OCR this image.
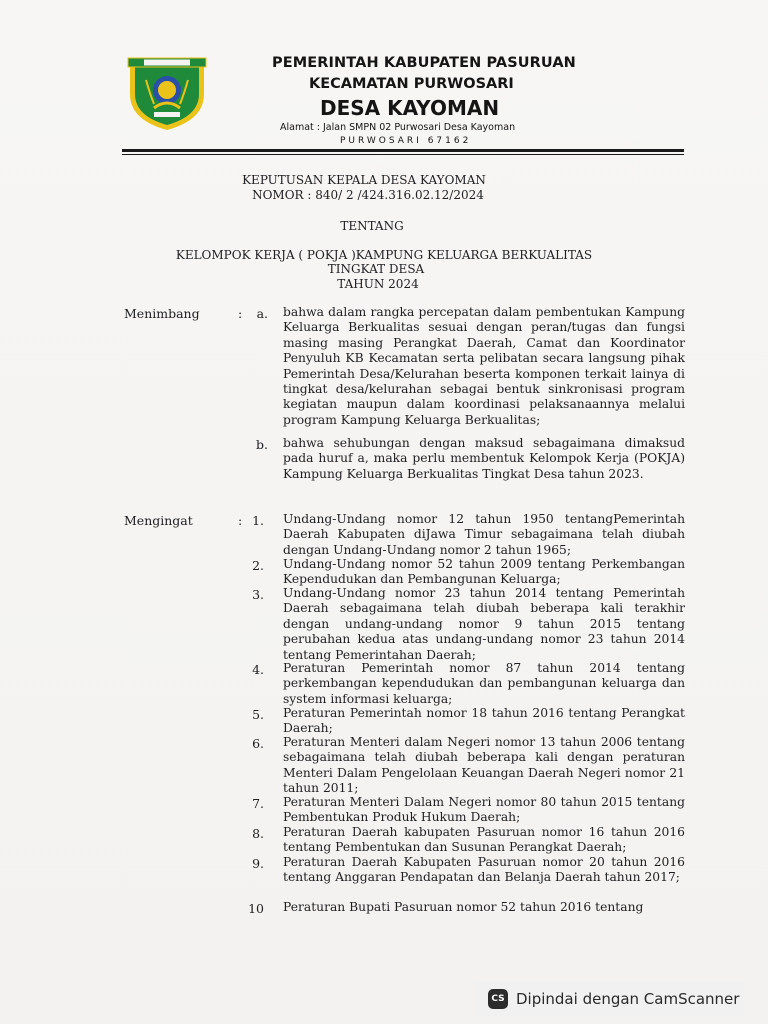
PEMERINTAH KABUPATEN PASURUAN
KECAMATAN PURWOSARI
DESA KAYOMAN
Alamat : Jalan SMPN 02 Purwosari Desa Kayoman
PURWOSARI 67162
KEPUTUSAN KEPALA DESA KAYOMAN
NOMOR : 840/ 2 /424.316.02.12/2024
TENTANG
KELOMPOK KERJA ( POKJA )KAMPUNG KELUARGA BERKUALITAS
TINGKAT DESA
TAHUN 2024
Menimbang	:	a. bahwa dalam rangka percepatan dalam pembentukan Kampung Keluarga Berkualitas sesuai dengan peran/tugas dan fungsi masing masing Perangkat Daerah, Camat dan Koordinator Penyuluh KB Kecamatan serta pelibatan secara langsung pihak Pemerintah Desa/Kelurahan beserta komponen terkait lainya di tingkat desa/kelurahan sebagai bentuk sinkronisasi program kegiatan maupun dalam koordinasi pelaksanaannya melalui program Kampung Keluarga Berkualitas;
b. bahwa sehubungan dengan maksud sebagaimana dimaksud pada huruf a, maka perlu membentuk Kelompok Kerja (POKJA) Kampung Keluarga Berkualitas Tingkat Desa tahun 2023.
Mengingat	: 1. Undang-Undang nomor 12 tahun 1950 tentangPemerintah Daerah Kabupaten diJawa Timur sebagaimana telah diubah dengan Undang-Undang nomor 2 tahun 1965;
2. Undang-Undang nomor 52 tahun 2009 tentang Perkembangan Kependudukan dan Pembangunan Keluarga;
3. Undang-Undang nomor 23 tahun 2014 tentang Pemerintah Daerah sebagaimana telah diubah beberapa kali terakhir dengan undang-undang nomor 9 tahun 2015 tentang perubahan kedua atas undang-undang nomor 23 tahun 2014 tentang Pemerintahan Daerah;
4. Peraturan Pemerintah nomor 87 tahun 2014 tentang perkembangan kependudukan dan pembangunan keluarga dan system informasi keluarga;
5. Peraturan Pemerintah nomor 18 tahun 2016 tentang Perangkat Daerah;
6. Peraturan Menteri dalam Negeri nomor 13 tahun 2006 tentang sebagaimana telah diubah beberapa kali dengan peraturan Menteri Dalam Pengelolaan Keuangan Daerah Negeri nomor 21 tahun 2011;
7. Peraturan Menteri Dalam Negeri nomor 80 tahun 2015 tentang Pembentukan Produk Hukum Daerah;
8. Peraturan Daerah kabupaten Pasuruan nomor 16 tahun 2016 tentang Pembentukan dan Susunan Perangkat Daerah;
9. Peraturan Daerah Kabupaten Pasuruan nomor 20 tahun 2016 tentang Anggaran Pendapatan dan Belanja Daerah tahun 2017;
10 Peraturan Bupati Pasuruan nomor 52 tahun 2016 tentang
CS Dipindai dengan CamScanner
